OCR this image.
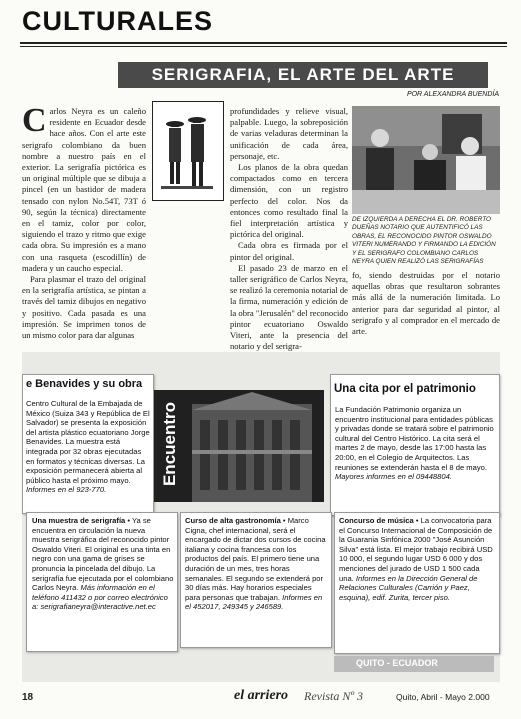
CULTURALES
SERIGRAFIA, EL ARTE DEL ARTE
POR ALEXANDRA BUENDÍA
C arlos Neyra es un caleño residente en Ecuador desde hace años. Con el arte este serigrafo colombiano da buen nombre a nuestro país en el exterior. La serigrafía pictórica es un original múltiple que se dibuja a pincel (en un bastidor de madera tensado con nylon No.54T, 73T ó 90, según la técnica) directamente en el tamiz, color por color, siguiendo el trazo y ritmo que exige cada obra. Su impresión es a mano con una rasqueta (escodillín) de madera y un caucho especial.

Para plasmar el trazo del original en la serigrafía artística, se pintan a través del tamiz dibujos en negativo y positivo. Cada pasada es una impresión. Se imprimen tonos de un mismo color para dar algunas

profundidades y relieve visual, palpable. Luego, la sobreposición de varias veladuras determinan la unificación de cada área, personaje, etc.

Los planos de la obra quedan compactados como en tercera dimensión, con un registro perfecto del color. Nos da entonces como resultado final la fiel interpretación artística y pictórica del original.

Cada obra es firmada por el pintor del original.

El pasado 23 de marzo en el taller serigráfico de Carlos Neyra, se realizó la ceremonia notarial de la firma, numeración y edición de la obra "Jerusalén" del reconocido pintor ecuatoriano Oswaldo Viteri, ante la presencia del notario y del serigra-

DE IZQUIERDA A DERECHA EL DR. ROBERTO DUEÑAS NOTARIO QUE AUTENTIFICÓ LAS OBRAS, EL RECONOCIDO PINTOR OSWALDO VITERI NUMERANDO Y FIRMANDO LA EDICIÓN Y EL SERIGRAFO COLOMBIANO CARLOS NEYRA QUIEN REALIZÓ LAS SERIGRAFÍAS

fo, siendo destruidas por el notario aquellas obras que resultaron sobrantes más allá de la numeración limitada. Lo anterior para dar seguridad al pintor, al serigrafo y al comprador en el mercado de arte.

e Benavides y su obra
Centro Cultural de la Embajada de México (Suiza 343 y República de El Salvador) se presenta la exposición del artista plástico ecuatoriano Jorge Benavides. La muestra está integrada por 32 obras ejecutadas en formatos y técnicas diversas. La exposición permanecerá abierta al público hasta el próximo mayo. Informes en el 923-770.
Encuentro
Una cita por el patrimonio
La Fundación Patrimonio organiza un encuentro institucional para entidades públicas y privadas donde se tratará sobre el patrimonio cultural del Centro Histórico. La cita será el martes 2 de mayo, desde las 17:00 hasta las 20:00, en el Colegio de Arquitectos. Las reuniones se extenderán hasta el 8 de mayo. Mayores informes en el 09448804.
Una muestra de serigrafía • Ya se encuentra en circulación la nueva muestra serigráfica del reconocido pintor Oswaldo Viteri. El original es una tinta en negro con una gama de grises se pronuncia la pincelada del dibujo. La serigrafía fue ejecutada por el colombiano Carlos Neyra. Más información en el teléfono 411432 o por correo electrónico a: serigrafianeyra@interactive.net.ec
Curso de alta gastronomía • Marco Cigna, chef internacional, será el encargado de dictar dos cursos de cocina italiana y cocina francesa con los productos del país. El primero tiene una duración de un mes, tres horas semanales. El segundo se extenderá por 30 días más. Hay horarios especiales para personas que trabajan. Informes en el 452017, 249345 y 246589.
Concurso de música • La convocatoria para el Concurso Internacional de Composición de la Guarania Sinfónica 2000 "José Asunción Silva" está lista. El mejor trabajo recibirá USD 10 000, el segundo lugar USD 6 000 y dos menciones del jurado de USD 1 500 cada una. Informes en la Dirección General de Relaciones Culturales (Carrión y Paez, esquina), edif. Zurita, tercer piso.
QUITO - ECUADOR
18	el arriero Revista Nº 3	Quito, Abril - Mayo 2.000
